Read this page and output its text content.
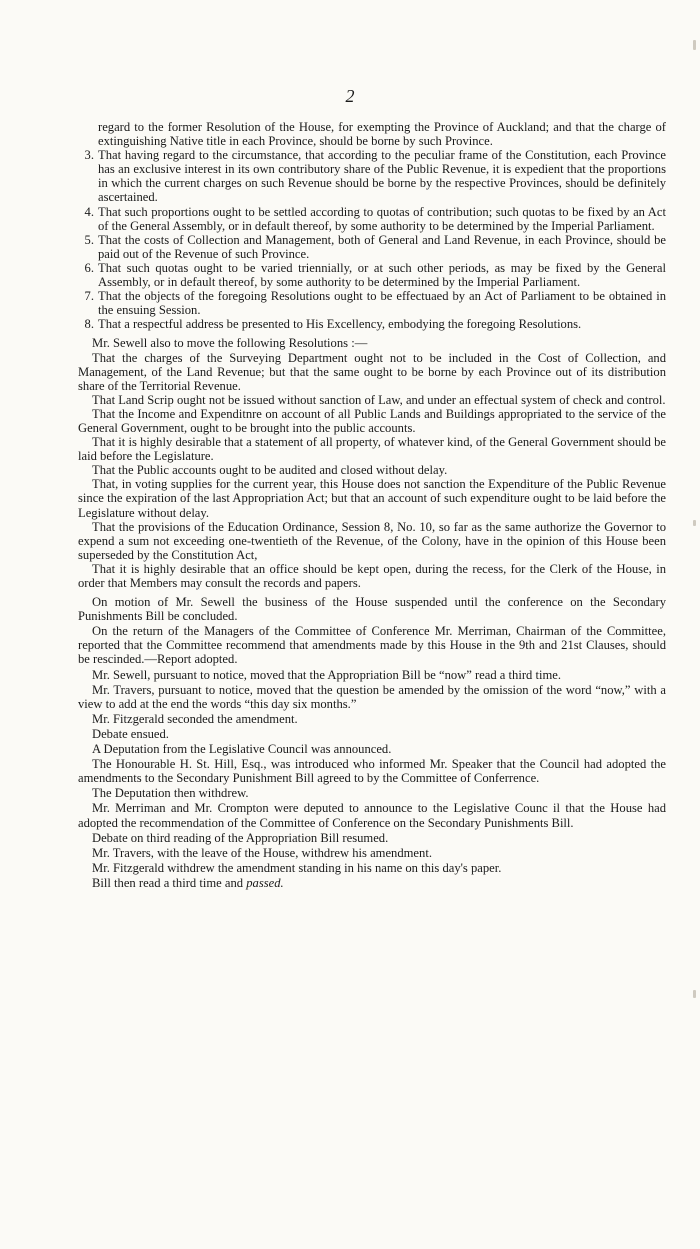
2

regard to the former Resolution of the House, for exempting the Province of Auckland; and that the charge of extinguishing Native title in each Province, should be borne by such Province.

3. That having regard to the circumstance, that according to the peculiar frame of the Constitution, each Province has an exclusive interest in its own contributory share of the Public Revenue, it is expedient that the proportions in which the current charges on such Revenue should be borne by the respective Provinces, should be definitely ascertained.

4. That such proportions ought to be settled according to quotas of contribution; such quotas to be fixed by an Act of the General Assembly, or in default thereof, by some authority to be determined by the Imperial Parliament.

5. That the costs of Collection and Management, both of General and Land Revenue, in each Province, should be paid out of the Revenue of such Province.

6. That such quotas ought to be varied triennially, or at such other periods, as may be fixed by the General Assembly, or in default thereof, by some authority to be determined by the Imperial Parliament.

7. That the objects of the foregoing Resolutions ought to be effectuaed by an Act of Parliament to be obtained in the ensuing Session.

8. That a respectful address be presented to His Excellency, embodying the foregoing Resolutions.

Mr. Sewell also to move the following Resolutions :—

That the charges of the Surveying Department ought not to be included in the Cost of Collection, and Management, of the Land Revenue; but that the same ought to be borne by each Province out of its distribution share of the Territorial Revenue.

That Land Scrip ought not be issued without sanction of Law, and under an effectual system of check and control.

That the Income and Expenditnre on account of all Public Lands and Buildings appropriated to the service of the General Government, ought to be brought into the public accounts.

That it is highly desirable that a statement of all property, of whatever kind, of the General Government should be laid before the Legislature.

That the Public accounts ought to be audited and closed without delay.

That, in voting supplies for the current year, this House does not sanction the Expenditure of the Public Revenue since the expiration of the last Appropriation Act; but that an account of such expenditure ought to be laid before the Legislature without delay.

That the provisions of the Education Ordinance, Session 8, No. 10, so far as the same authorize the Governor to expend a sum not exceeding one-twentieth of the Revenue, of the Colony, have in the opinion of this House been superseded by the Constitution Act,

That it is highly desirable that an office should be kept open, during the recess, for the Clerk of the House, in order that Members may consult the records and papers.

On motion of Mr. Sewell the business of the House suspended until the conference on the Secondary Punishments Bill be concluded.

On the return of the Managers of the Committee of Conference Mr. Merriman, Chairman of the Committee, reported that the Committee recommend that amendments made by this House in the 9th and 21st Clauses, should be rescinded.—Report adopted.

Mr. Sewell, pursuant to notice, moved that the Appropriation Bill be “now” read a third time.

Mr. Travers, pursuant to notice, moved that the question be amended by the omission of the word “now,” with a view to add at the end the words “this day six months.”

Mr. Fitzgerald seconded the amendment.

Debate ensued.

A Deputation from the Legislative Council was announced.

The Honourable H. St. Hill, Esq., was introduced who informed Mr. Speaker that the Council had adopted the amendments to the Secondary Punishment Bill agreed to by the Committee of Conferrence.

The Deputation then withdrew.

Mr. Merriman and Mr. Crompton were deputed to announce to the Legislative Counc il that the House had adopted the recommendation of the Committee of Conference on the Secondary Punishments Bill.

Debate on third reading of the Appropriation Bill resumed.

Mr. Travers, with the leave of the House, withdrew his amendment.

Mr. Fitzgerald withdrew the amendment standing in his name on this day's paper.

Bill then read a third time and passed.
